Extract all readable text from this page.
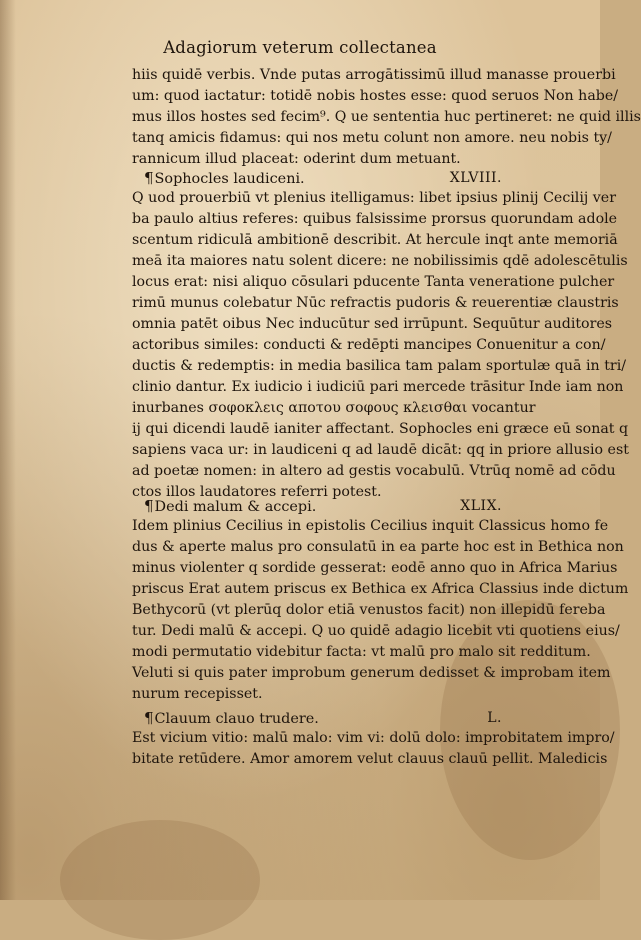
Adagiorum veterum collectanea
hiis quidē verbis. Vnde putas arrogātissimū illud manasse prouerbi
um: quod iactatur: totidē nobis hostes esse: quod seruos Non habe/
mus illos hostes sed fecim⁹. Q ue sententia huc pertineret: ne quid illis
tanq amicis fidamus: qui nos metu colunt non amore. neu nobis ty/
rannicum illud placeat: oderint dum metuant.
¶Sophocles laudiceni.	XLVIII.
Q uod prouerbiū vt plenius itelligamus: libet ipsius plinij Cecilij ver
ba paulo altius referes: quibus falsissime prorsus quorundam adole
scentum ridiculā ambitionē describit. At hercule inqt ante memoriā
meā ita maiores natu solent dicere: ne nobilissimis qdē adolescētulis
locus erat: nisi aliquo cōsulari pducente Tanta veneratione pulcher
rimū munus colebatur Nūc refractis pudoris & reuerentiæ claustris
omnia patēt oibus Nec inducūtur sed irrūpunt. Sequūtur auditores
actoribus similes: conducti & redēpti mancipes Conuenitur a con/
ductis & redemptis: in media basilica tam palam sportulæ quā in tri/
clinio dantur. Ex iudicio i iudiciū pari mercede trāsitur Inde iam non
inurbanes σοφοκλεις αποτου σοφους κλεισθαι vocantur
ij qui dicendi laudē ianiter affectant. Sophocles eni græce eū sonat q
sapiens vaca ur: in laudiceni q ad laudē dicāt: qq in priore allusio est
ad poetæ nomen: in altero ad gestis vocabulū. Vtrūq nomē ad cōdu
ctos illos laudatores referri potest.
¶Dedi malum & accepi.	XLIX.
Idem plinius Cecilius in epistolis Cecilius inquit Classicus homo fe
dus & aperte malus pro consulatū in ea parte hoc est in Bethica non
minus violenter q sordide gesserat: eodē anno quo in Africa Marius
priscus Erat autem priscus ex Bethica ex Africa Classius inde dictum
Bethycorū (vt plerūq dolor etiā venustos facit) non illepidū fereba
tur. Dedi malū & accepi. Q uo quidē adagio licebit vti quotiens eius/
modi permutatio videbitur facta: vt malū pro malo sit redditum.
Veluti si quis pater improbum generum dedisset & improbam item
nurum recepisset.
¶Clauum clauo trudere.	L.
Est vicium vitio: malū malo: vim vi: dolū dolo: improbitatem impro/
bitate retūdere. Amor amorem velut clauus clauū pellit. Maledicis
